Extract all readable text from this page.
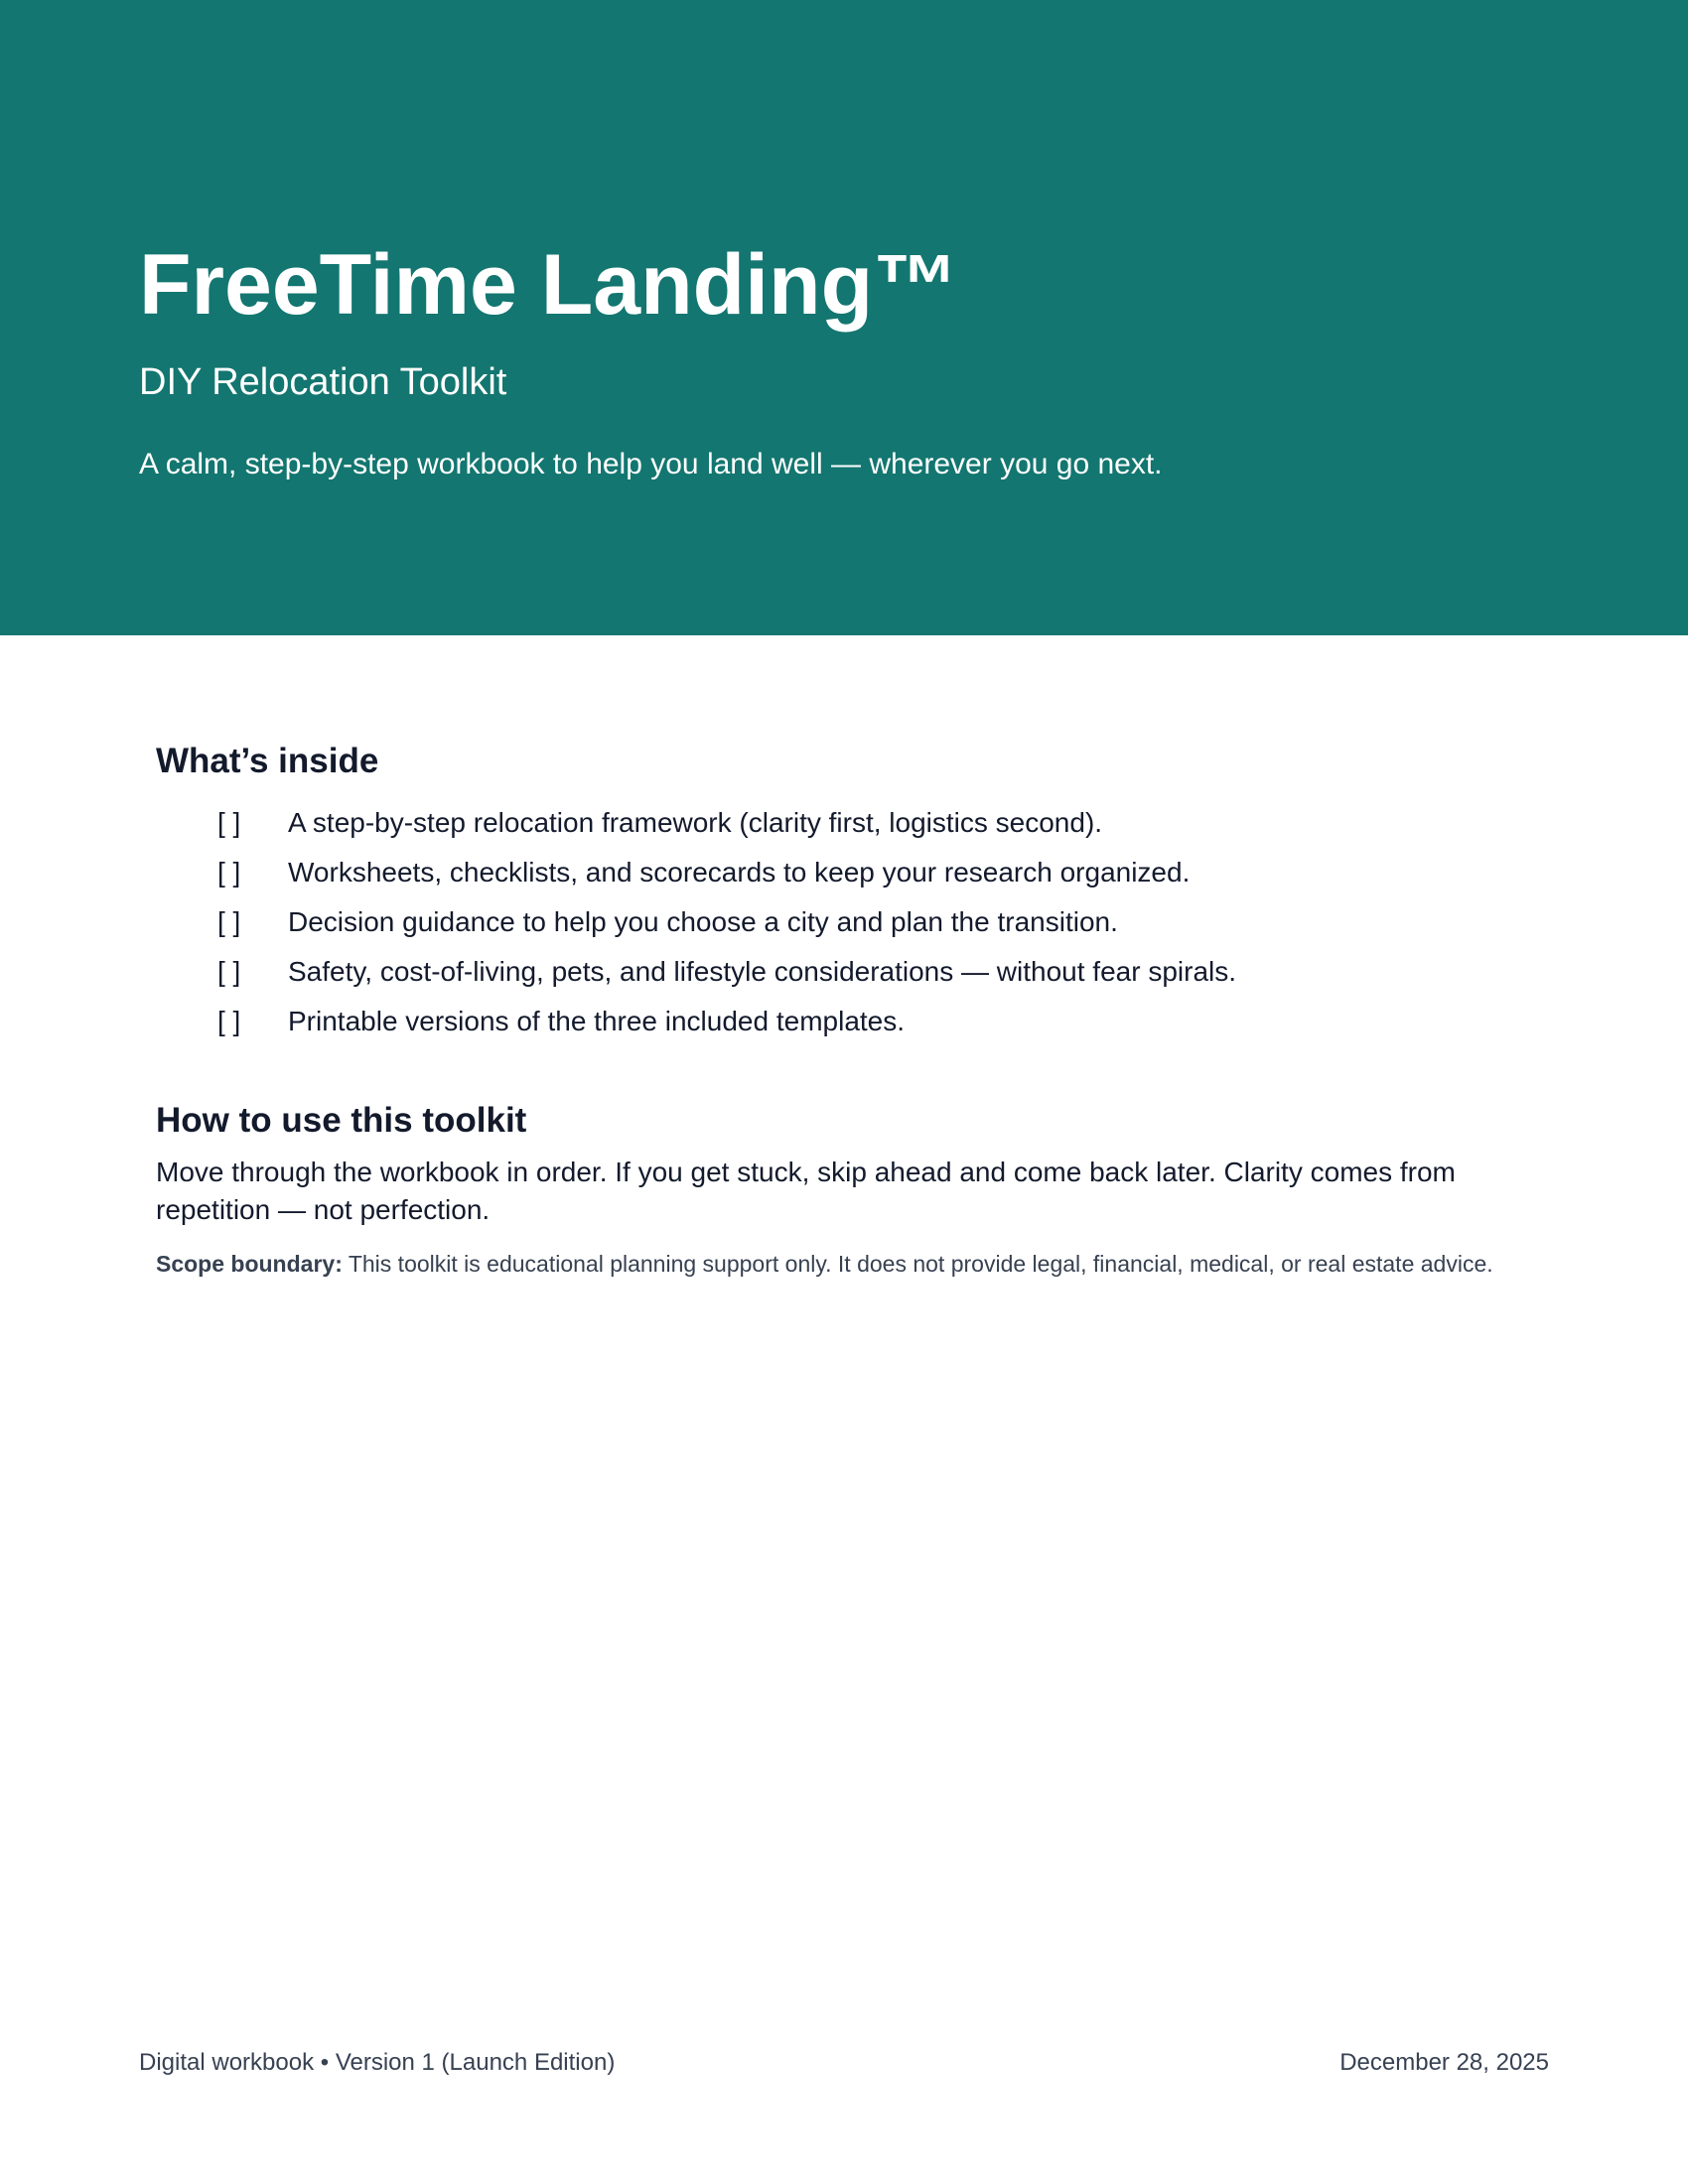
FreeTime Landing™
DIY Relocation Toolkit

A calm, step-by-step workbook to help you land well — wherever you go next.

What’s inside
[ ] A step-by-step relocation framework (clarity first, logistics second).
[ ] Worksheets, checklists, and scorecards to keep your research organized.
[ ] Decision guidance to help you choose a city and plan the transition.
[ ] Safety, cost-of-living, pets, and lifestyle considerations — without fear spirals.
[ ] Printable versions of the three included templates.
How to use this toolkit

Move through the workbook in order. If you get stuck, skip ahead and come back later. Clarity comes from repetition — not perfection.

Scope boundary: This toolkit is educational planning support only. It does not provide legal, financial, medical, or real estate advice.

Digital workbook • Version 1 (Launch Edition)	December 28, 2025
